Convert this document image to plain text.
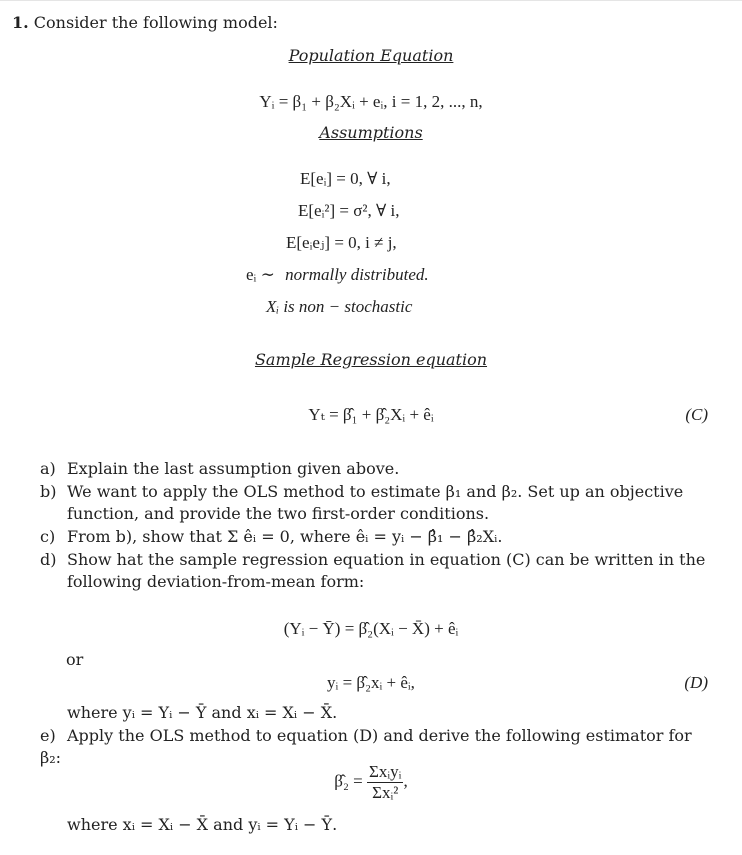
1. Consider the following model:
Population Equation
Yᵢ = β₁ + β₂Xᵢ + eᵢ, i = 1, 2, ..., n,
Assumptions
E[eᵢ] = 0, ∀ i,
E[eᵢ²] = σ², ∀ i,
E[eᵢeⱼ] = 0, i ≠ j,
eᵢ ∼ normally distributed.
Xᵢ is non − stochastic
Sample Regression equation
Yₜ = β̂₁ + β̂₂Xᵢ + êᵢ	(C)
a) Explain the last assumption given above.
b) We want to apply the OLS method to estimate β₁ and β₂. Set up an objective
function, and provide the two first-order conditions.
c) From b), show that Σ êᵢ = 0, where êᵢ = yᵢ − β̂₁ − β̂₂Xᵢ.
d) Show hat the sample regression equation in equation (C) can be written in the
following deviation-from-mean form:
(Yᵢ − Ȳ) = β̂₂(Xᵢ − X̄) + êᵢ
or
yᵢ = β̂₂xᵢ + êᵢ,	(D)
where yᵢ = Yᵢ − Ȳ and xᵢ = Xᵢ − X̄.
e) Apply the OLS method to equation (D) and derive the following estimator for β₂:
β̂₂ = $\frac{\text{Σxᵢyᵢ}}{\text{Σxᵢ²}}$ ,
where xᵢ = Xᵢ − X̄ and yᵢ = Yᵢ − Ȳ.
